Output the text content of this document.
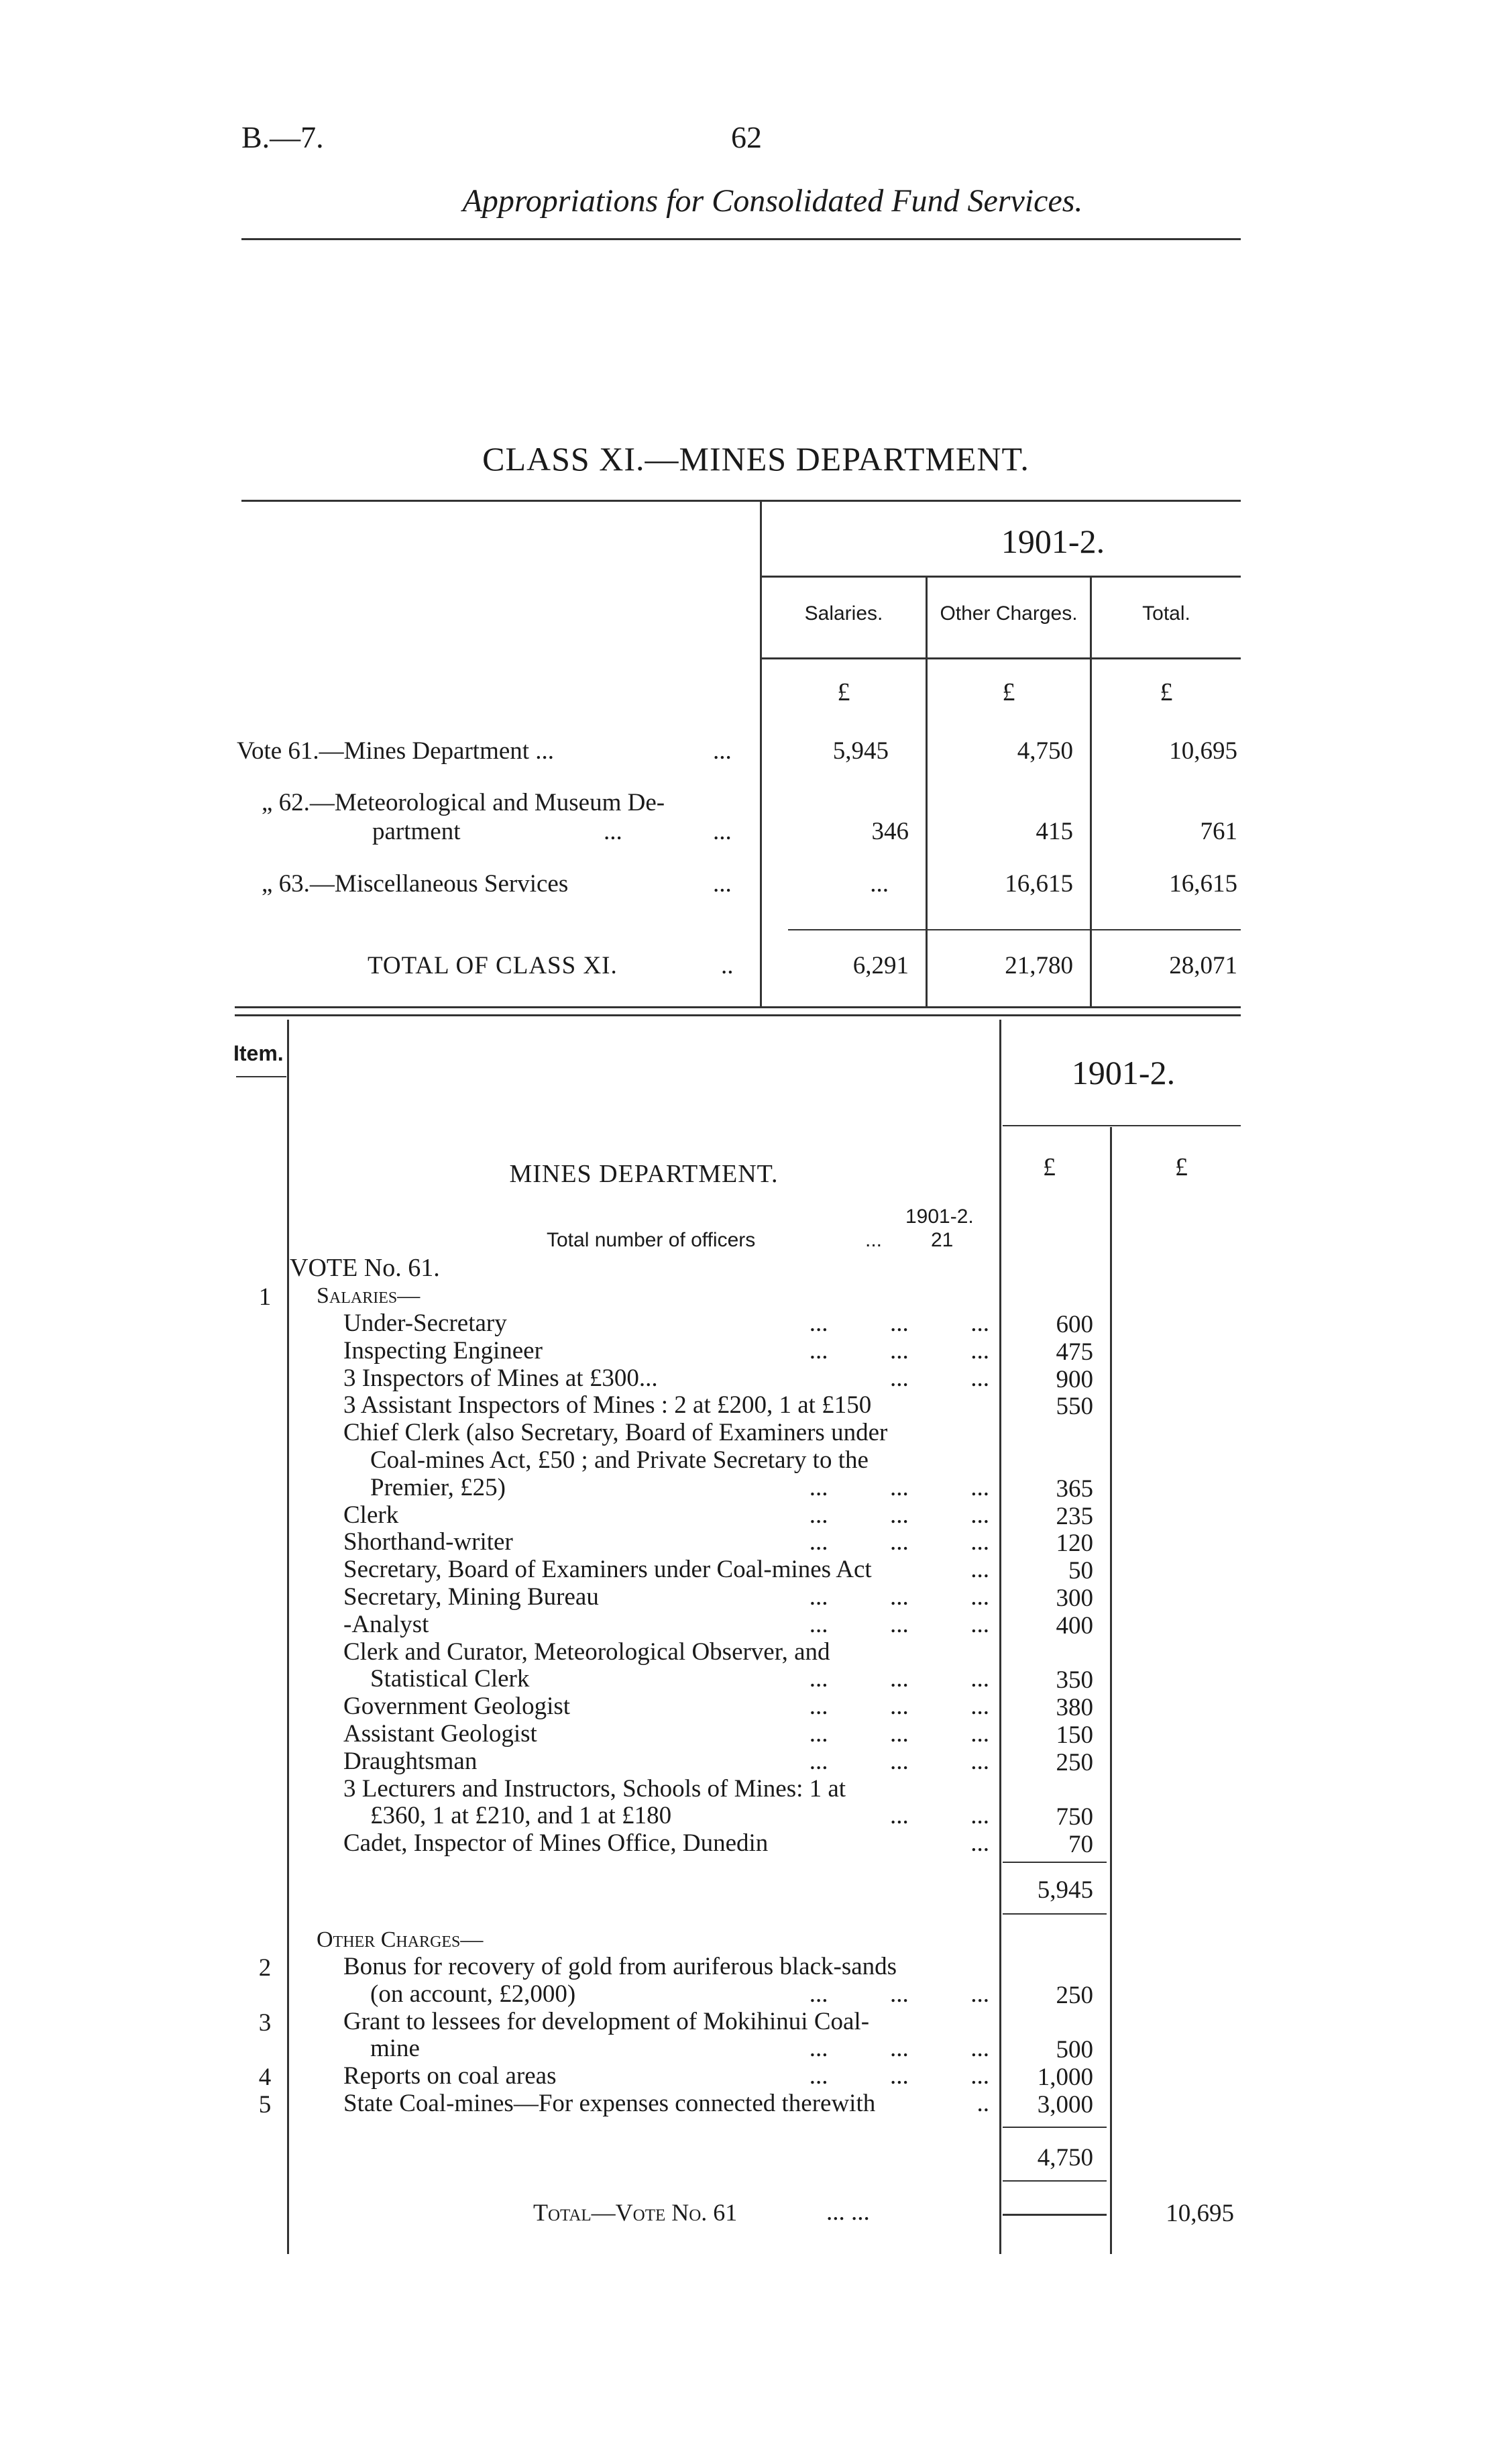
B.—7.	62
Appropriations for Consolidated Fund Services.
CLASS XI.—MINES DEPARTMENT.
1901-2.
Salaries.	Other Charges.	Total.
£	£	£
Vote 61.—Mines Department ...	...	5,945	4,750	10,695
„ 62.—Meteorological and Museum De-
partment	...	...	346	415	761
„ 63.—Miscellaneous Services	...	...	16,615	16,615
TOTAL OF CLASS XI.	..	6,291	21,780	28,071
Item.
1901-2.
£	£
MINES DEPARTMENT.
1901-2.
Total number of officers	... 21
VOTE No. 61.
1	Salaries—
Under-Secretary	...          ...          ...	600
Inspecting Engineer	...          ...          ...	475
3 Inspectors of Mines at £300...	...          ...	900
3 Assistant Inspectors of Mines : 2 at £200, 1 at £150	550
Chief Clerk (also Secretary, Board of Examiners under
Coal-mines Act, £50 ; and Private Secretary to the
Premier, £25)	...          ...          ...	365
Clerk	...          ...          ...	235
Shorthand-writer	...          ...          ...	120
Secretary, Board of Examiners under Coal-mines Act	...	50
Secretary, Mining Bureau	...          ...          ...	300
-Analyst	...          ...          ...	400
Clerk and Curator, Meteorological Observer, and
Statistical Clerk	...          ...          ...	350
Government Geologist	...          ...          ...	380
Assistant Geologist	...          ...          ...	150
Draughtsman	...          ...          ...	250
3 Lecturers and Instructors, Schools of Mines: 1 at
£360, 1 at £210, and 1 at £180	...          ...	750
Cadet, Inspector of Mines Office, Dunedin	...	70
5,945
Other Charges—
2	Bonus for recovery of gold from auriferous black-sands
(on account, £2,000)	...          ...          ...	250
3	Grant to lessees for development of Mokihinui Coal-
mine	...          ...          ...	500
4	Reports on coal areas	...          ...          ...	1,000
5	State Coal-mines—For expenses connected therewith	..	3,000
4,750
Total—Vote No. 61	... ...	10,695
